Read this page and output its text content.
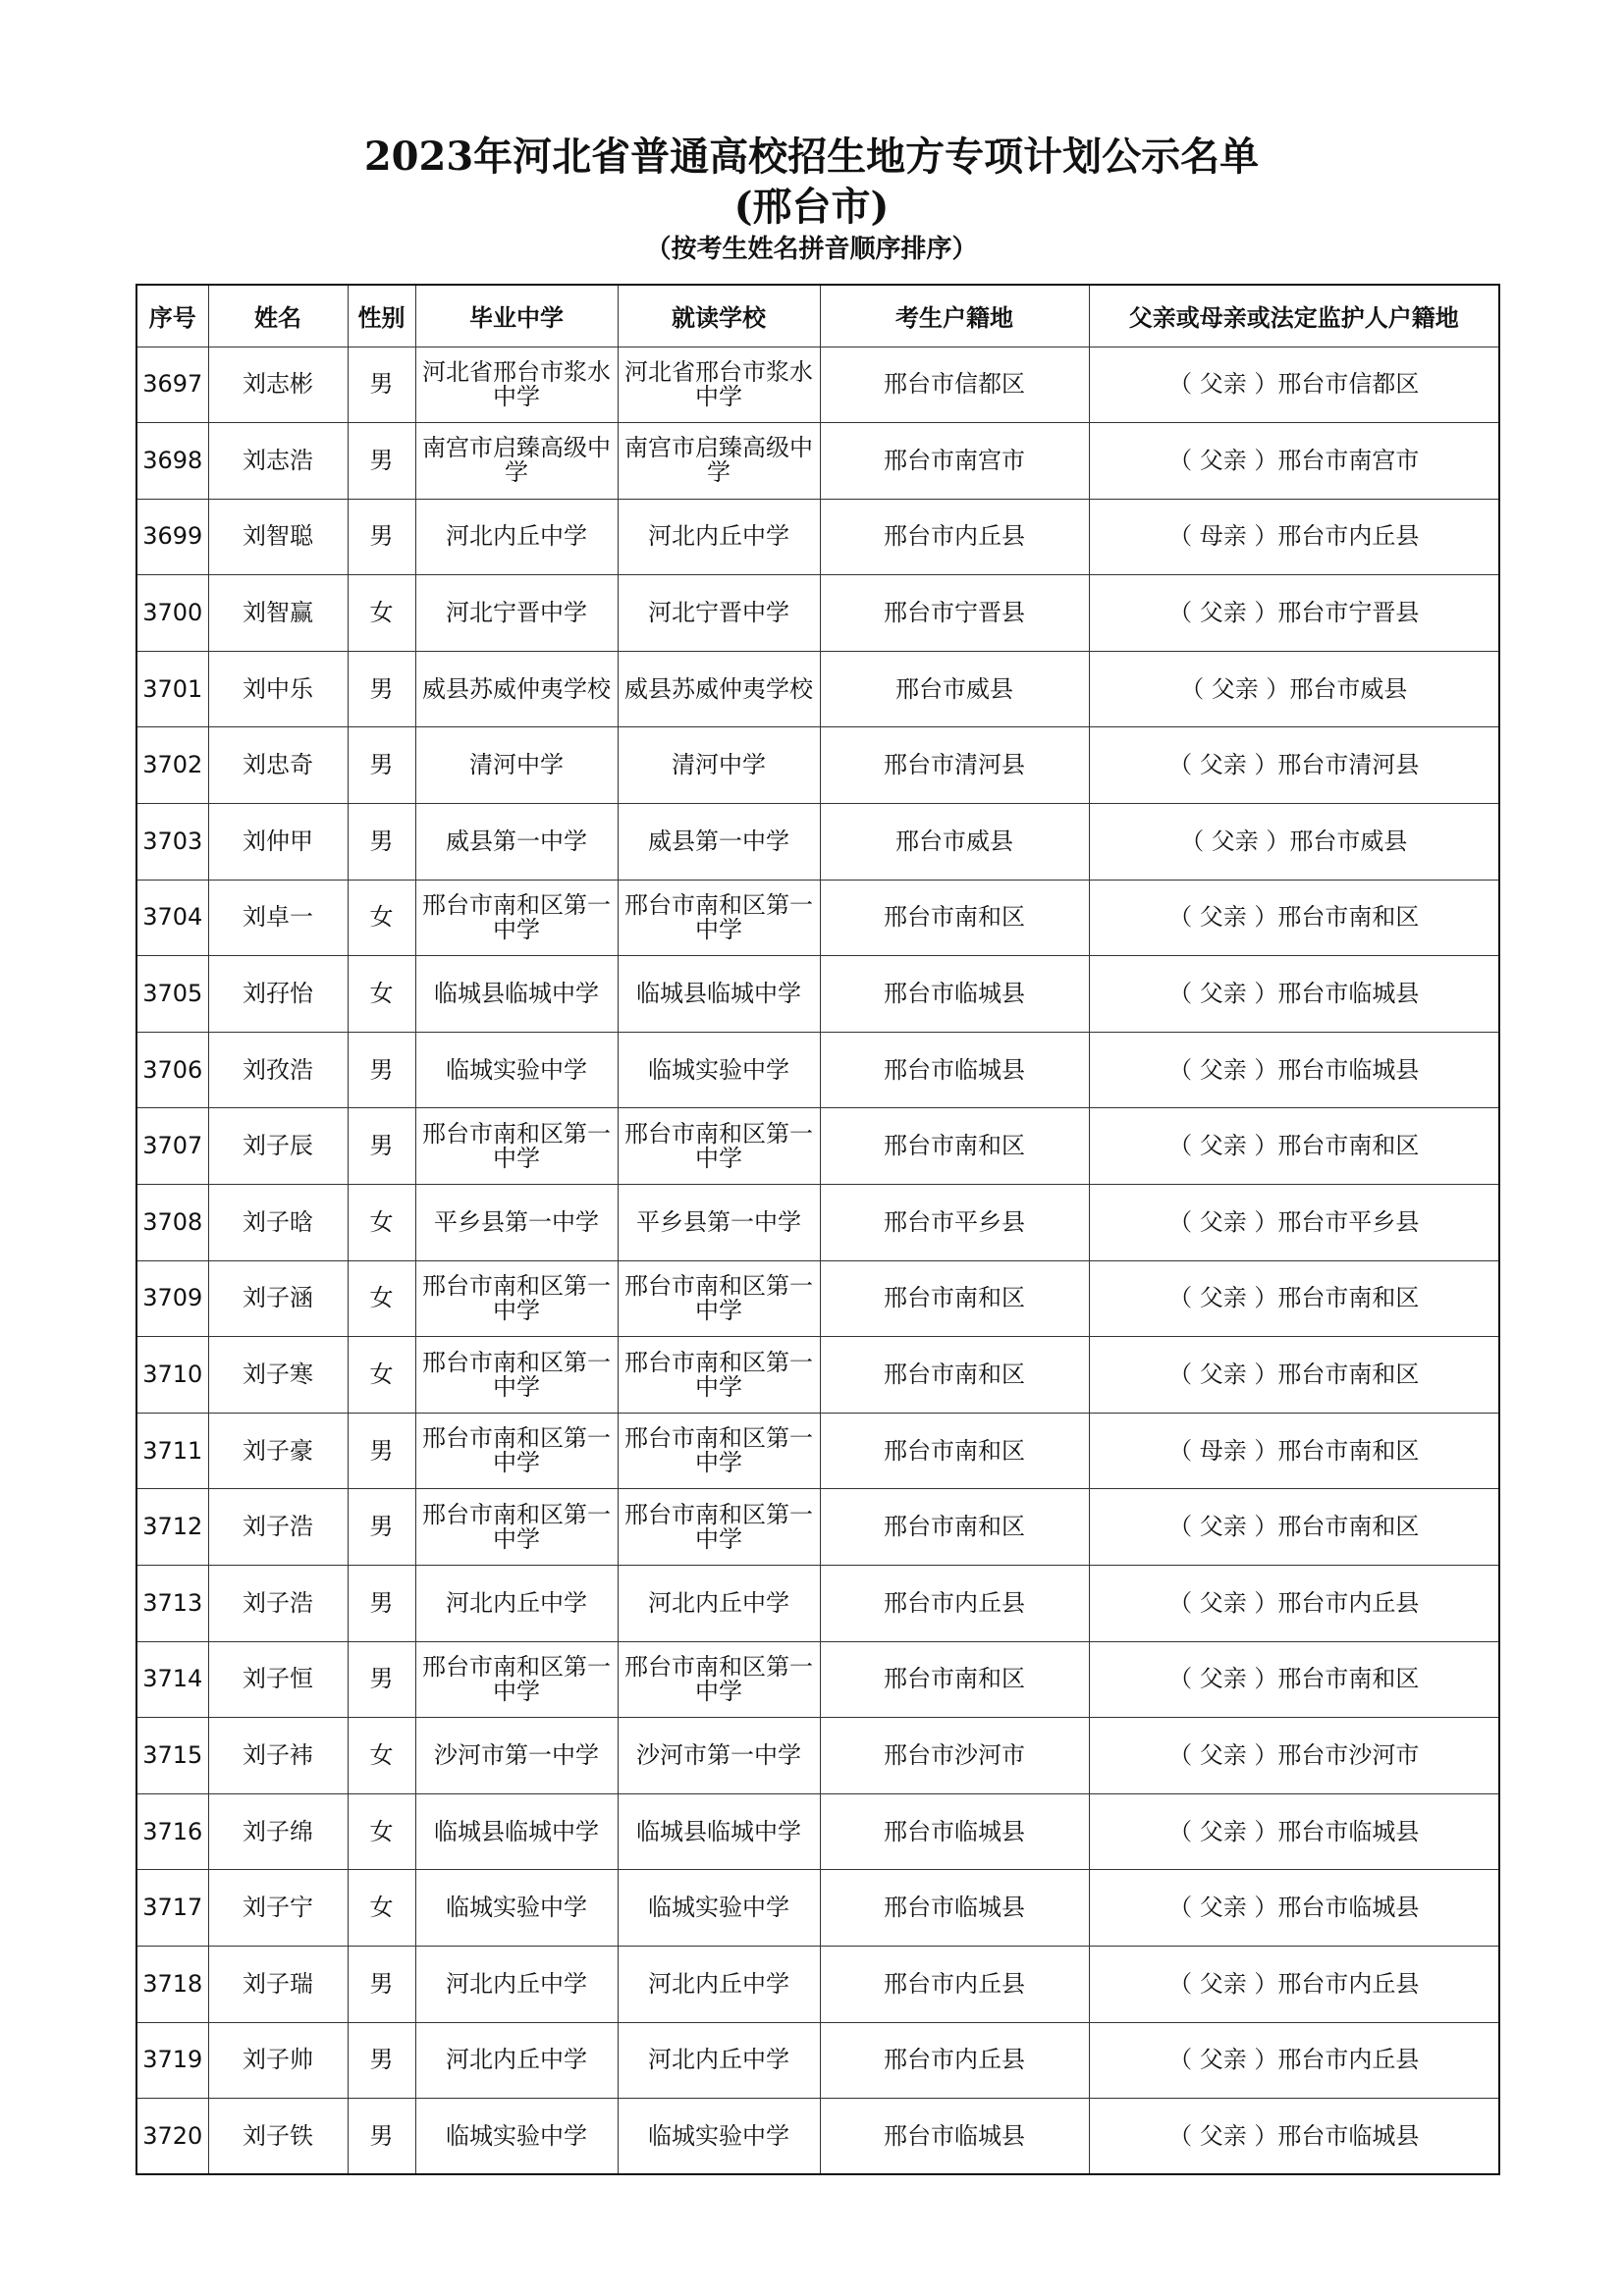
2023年河北省普通高校招生地方专项计划公示名单
(邢台市)
（按考生姓名拼音顺序排序）
序号	姓名	性别	毕业中学	就读学校	考生户籍地	父亲或母亲或法定监护人户籍地
3697	刘志彬	男	河北省邢台市浆水中学	河北省邢台市浆水中学	邢台市信都区	（ 父亲 ）邢台市信都区
3698	刘志浩	男	南宫市启臻高级中学	南宫市启臻高级中学	邢台市南宫市	（ 父亲 ）邢台市南宫市
3699	刘智聪	男	河北内丘中学	河北内丘中学	邢台市内丘县	（ 母亲 ）邢台市内丘县
3700	刘智赢	女	河北宁晋中学	河北宁晋中学	邢台市宁晋县	（ 父亲 ）邢台市宁晋县
3701	刘中乐	男	威县苏威仲夷学校	威县苏威仲夷学校	邢台市威县	（ 父亲 ）邢台市威县
3702	刘忠奇	男	清河中学	清河中学	邢台市清河县	（ 父亲 ）邢台市清河县
3703	刘仲甲	男	威县第一中学	威县第一中学	邢台市威县	（ 父亲 ）邢台市威县
3704	刘卓一	女	邢台市南和区第一中学	邢台市南和区第一中学	邢台市南和区	（ 父亲 ）邢台市南和区
3705	刘孖怡	女	临城县临城中学	临城县临城中学	邢台市临城县	（ 父亲 ）邢台市临城县
3706	刘孜浩	男	临城实验中学	临城实验中学	邢台市临城县	（ 父亲 ）邢台市临城县
3707	刘子辰	男	邢台市南和区第一中学	邢台市南和区第一中学	邢台市南和区	（ 父亲 ）邢台市南和区
3708	刘子晗	女	平乡县第一中学	平乡县第一中学	邢台市平乡县	（ 父亲 ）邢台市平乡县
3709	刘子涵	女	邢台市南和区第一中学	邢台市南和区第一中学	邢台市南和区	（ 父亲 ）邢台市南和区
3710	刘子寒	女	邢台市南和区第一中学	邢台市南和区第一中学	邢台市南和区	（ 父亲 ）邢台市南和区
3711	刘子豪	男	邢台市南和区第一中学	邢台市南和区第一中学	邢台市南和区	（ 母亲 ）邢台市南和区
3712	刘子浩	男	邢台市南和区第一中学	邢台市南和区第一中学	邢台市南和区	（ 父亲 ）邢台市南和区
3713	刘子浩	男	河北内丘中学	河北内丘中学	邢台市内丘县	（ 父亲 ）邢台市内丘县
3714	刘子恒	男	邢台市南和区第一中学	邢台市南和区第一中学	邢台市南和区	（ 父亲 ）邢台市南和区
3715	刘子袆	女	沙河市第一中学	沙河市第一中学	邢台市沙河市	（ 父亲 ）邢台市沙河市
3716	刘子绵	女	临城县临城中学	临城县临城中学	邢台市临城县	（ 父亲 ）邢台市临城县
3717	刘子宁	女	临城实验中学	临城实验中学	邢台市临城县	（ 父亲 ）邢台市临城县
3718	刘子瑞	男	河北内丘中学	河北内丘中学	邢台市内丘县	（ 父亲 ）邢台市内丘县
3719	刘子帅	男	河北内丘中学	河北内丘中学	邢台市内丘县	（ 父亲 ）邢台市内丘县
3720	刘子铁	男	临城实验中学	临城实验中学	邢台市临城县	（ 父亲 ）邢台市临城县
